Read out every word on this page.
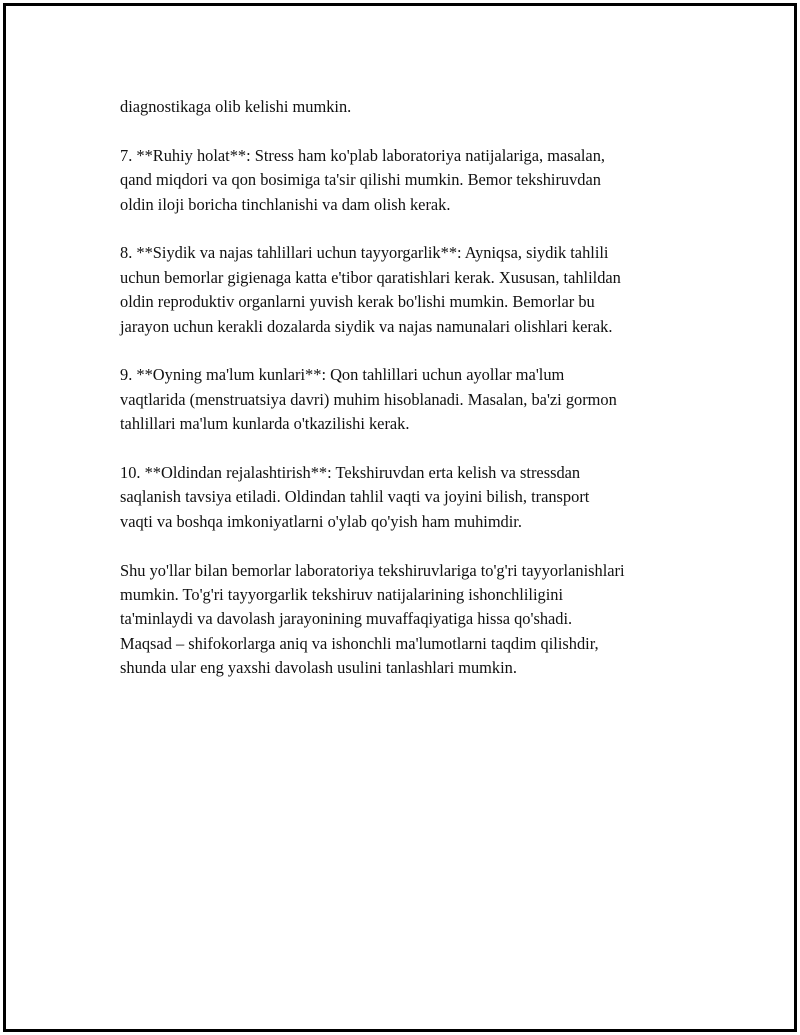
diagnostikaga olib kelishi mumkin.

7. **Ruhiy holat**: Stress ham ko'plab laboratoriya natijalariga, masalan,
qand miqdori va qon bosimiga ta'sir qilishi mumkin. Bemor tekshiruvdan
oldin iloji boricha tinchlanishi va dam olish kerak.

8. **Siydik va najas tahlillari uchun tayyorgarlik**: Ayniqsa, siydik tahlili
uchun bemorlar gigienaga katta e'tibor qaratishlari kerak. Xususan, tahlildan
oldin reproduktiv organlarni yuvish kerak bo'lishi mumkin. Bemorlar bu
jarayon uchun kerakli dozalarda siydik va najas namunalari olishlari kerak.

9. **Oyning ma'lum kunlari**: Qon tahlillari uchun ayollar ma'lum
vaqtlarida (menstruatsiya davri) muhim hisoblanadi. Masalan, ba'zi gormon
tahlillari ma'lum kunlarda o'tkazilishi kerak.

10. **Oldindan rejalashtirish**: Tekshiruvdan erta kelish va stressdan
saqlanish tavsiya etiladi. Oldindan tahlil vaqti va joyini bilish, transport
vaqti va boshqa imkoniyatlarni o'ylab qo'yish ham muhimdir.

Shu yo'llar bilan bemorlar laboratoriya tekshiruvlariga to'g'ri tayyorlanishlari
mumkin. To'g'ri tayyorgarlik tekshiruv natijalarining ishonchliligini
ta'minlaydi va davolash jarayonining muvaffaqiyatiga hissa qo'shadi.
Maqsad – shifokorlarga aniq va ishonchli ma'lumotlarni taqdim qilishdir,
shunda ular eng yaxshi davolash usulini tanlashlari mumkin.
